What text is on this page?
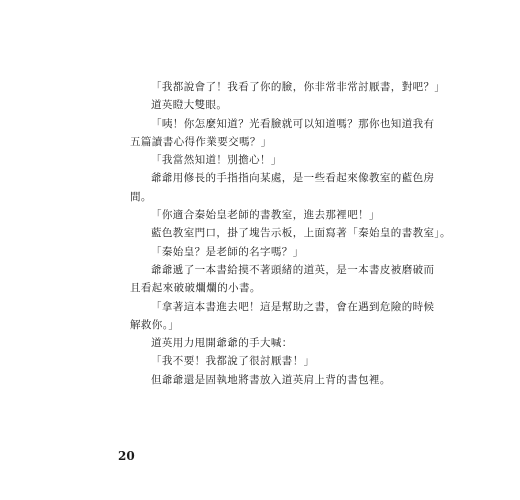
「我都說會了！我看了你的臉，你非常非常討厭書，對吧？」

道英瞪大雙眼。

「咦！你怎麼知道？光看臉就可以知道嗎？那你也知道我有

五篇讀書心得作業要交嗎？」

「我當然知道！別擔心！」

爺爺用修長的手指指向某處，是一些看起來像教室的藍色房

間。

「你適合秦始皇老師的書教室，進去那裡吧！」

藍色教室門口，掛了塊告示板，上面寫著「秦始皇的書教室」。

「秦始皇？是老師的名字嗎？」

爺爺遞了一本書給摸不著頭緒的道英，是一本書皮被磨破而

且看起來破破爛爛的小書。

「拿著這本書進去吧！這是幫助之書，會在遇到危險的時候

解救你。」

道英用力甩開爺爺的手大喊：

「我不要！我都說了很討厭書！」

但爺爺還是固執地將書放入道英肩上背的書包裡。

20
